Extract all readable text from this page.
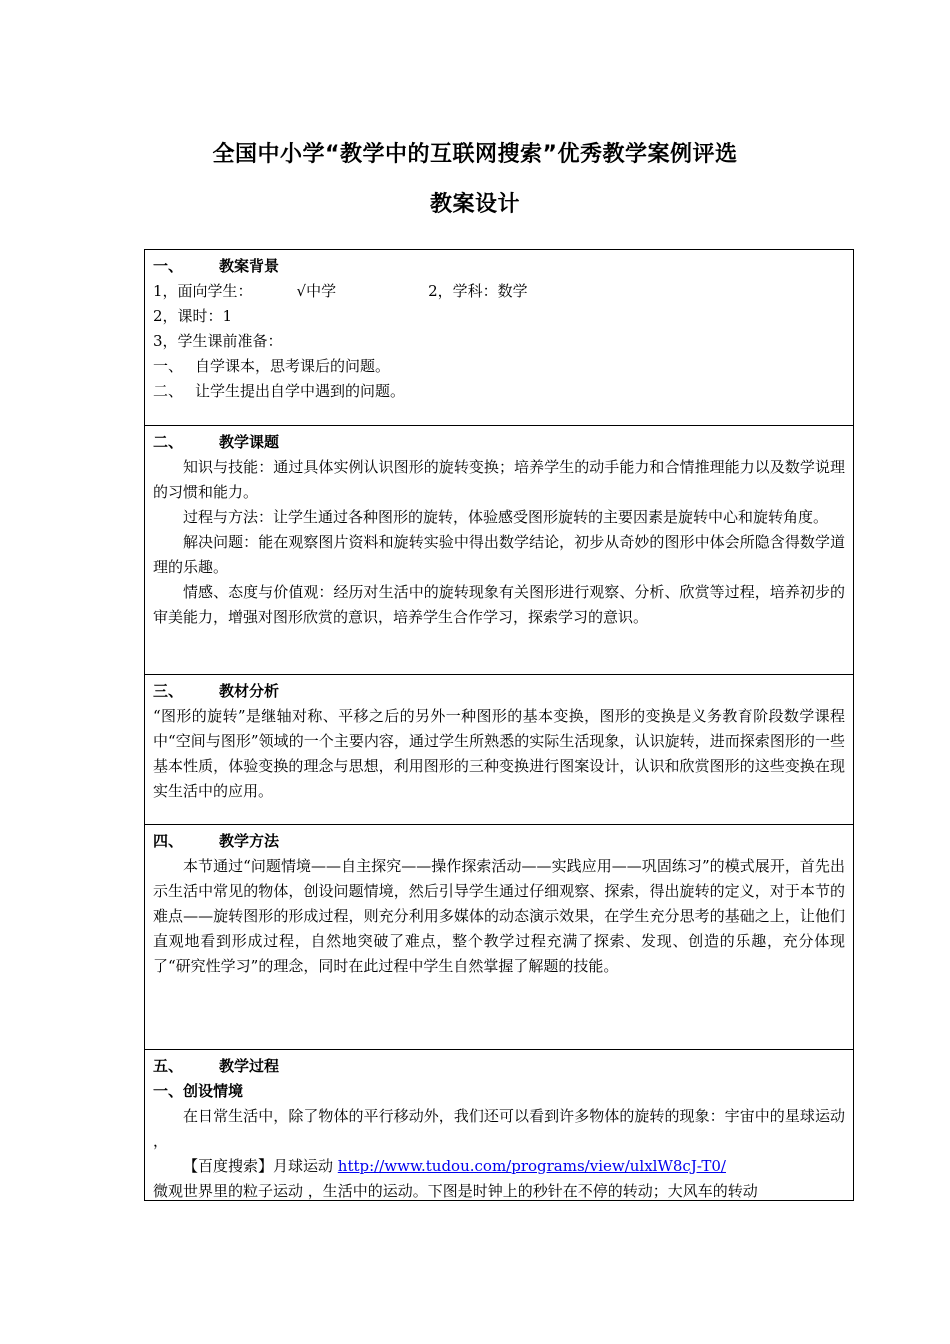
全国中小学“教学中的互联网搜索”优秀教学案例评选
教案设计
一、 教案背景
1，面向学生：	√中学	2，学科：数学
2，课时：1
3，学生课前准备：
一、 自学课本，思考课后的问题。
二、 让学生提出自学中遇到的问题。
二、 教学课题
知识与技能：通过具体实例认识图形的旋转变换；培养学生的动手能力和合情推理能力以及数学说理的习惯和能力。
过程与方法：让学生通过各种图形的旋转，体验感受图形旋转的主要因素是旋转中心和旋转角度。
解决问题：能在观察图片资料和旋转实验中得出数学结论，初步从奇妙的图形中体会所隐含得数学道理的乐趣。
情感、态度与价值观：经历对生活中的旋转现象有关图形进行观察、分析、欣赏等过程，培养初步的审美能力，增强对图形欣赏的意识，培养学生合作学习，探索学习的意识。
三、 教材分析
“图形的旋转”是继轴对称、平移之后的另外一种图形的基本变换，图形的变换是义务教育阶段数学课程中“空间与图形”领域的一个主要内容，通过学生所熟悉的实际生活现象，认识旋转，进而探索图形的一些基本性质，体验变换的理念与思想，利用图形的三种变换进行图案设计，认识和欣赏图形的这些变换在现实生活中的应用。
四、 教学方法
本节通过“问题情境——自主探究——操作探索活动——实践应用——巩固练习”的模式展开，首先出示生活中常见的物体，创设问题情境，然后引导学生通过仔细观察、探索，得出旋转的定义，对于本节的难点——旋转图形的形成过程，则充分利用多媒体的动态演示效果，在学生充分思考的基础之上，让他们直观地看到形成过程，自然地突破了难点，整个教学过程充满了探索、发现、创造的乐趣，充分体现了“研究性学习”的理念，同时在此过程中学生自然掌握了解题的技能。
五、 教学过程
一、创设情境
在日常生活中，除了物体的平行移动外，我们还可以看到许多物体的旋转的现象：宇宙中的星球运动 ，
【百度搜索】月球运动 http://www.tudou.com/programs/view/ulxlW8cJ-T0/
微观世界里的粒子运动 ，生活中的运动。下图是时钟上的秒针在不停的转动；大风车的转动
